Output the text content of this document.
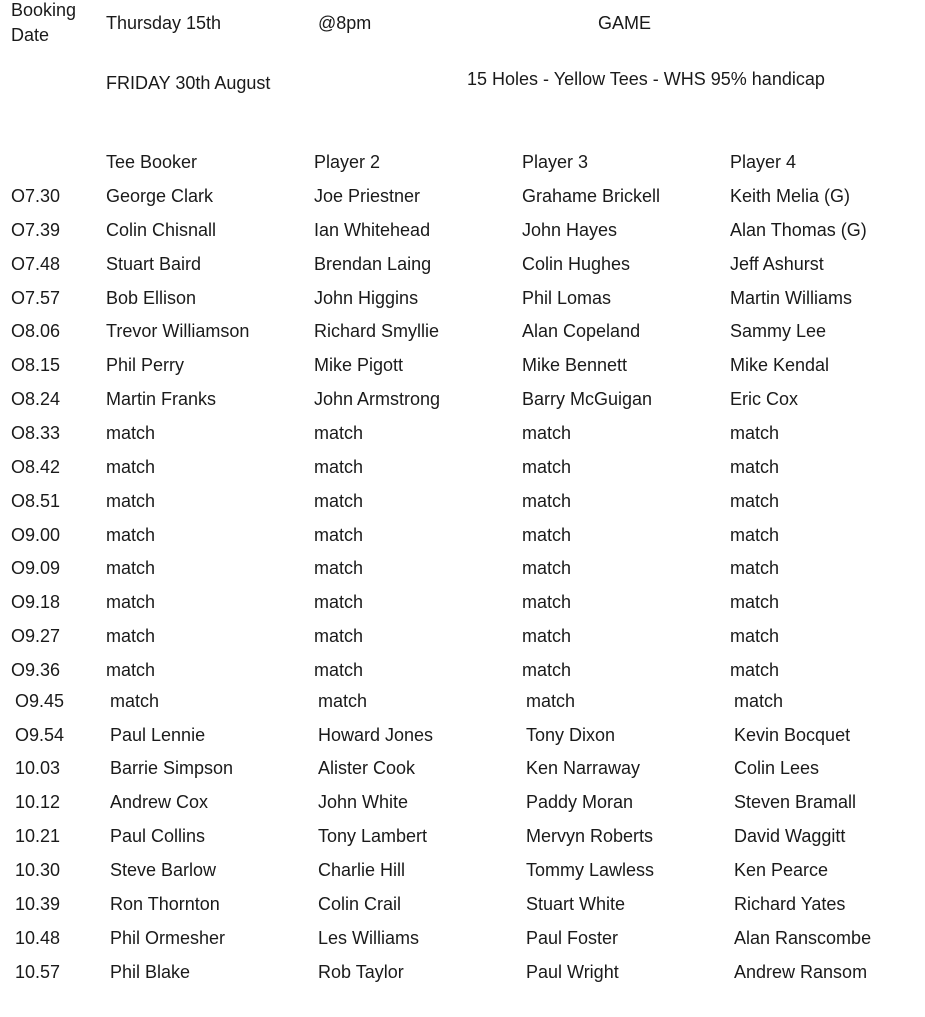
Booking Date
Thursday 15th	@8pm	GAME
FRIDAY 30th August	15 Holes - Yellow Tees - WHS 95% handicap
Tee Booker	Player 2	Player 3	Player 4
O7.30	George Clark	Joe Priestner	Grahame Brickell	Keith Melia (G)
O7.39	Colin Chisnall	Ian Whitehead	John Hayes	Alan Thomas (G)
O7.48	Stuart Baird	Brendan Laing	Colin Hughes	Jeff Ashurst
O7.57	Bob Ellison	John Higgins	Phil Lomas	Martin Williams
O8.06	Trevor Williamson	Richard Smyllie	Alan Copeland	Sammy Lee
O8.15	Phil Perry	Mike Pigott	Mike Bennett	Mike Kendal
O8.24	Martin Franks	John Armstrong	Barry McGuigan	Eric Cox
O8.33	match	match	match	match
O8.42	match	match	match	match
O8.51	match	match	match	match
O9.00	match	match	match	match
O9.09	match	match	match	match
O9.18	match	match	match	match
O9.27	match	match	match	match
O9.36	match	match	match	match
O9.45	match	match	match	match
O9.54	Paul Lennie	Howard Jones	Tony Dixon	Kevin Bocquet
10.03	Barrie Simpson	Alister Cook	Ken Narraway	Colin Lees
10.12	Andrew Cox	John White	Paddy Moran	Steven Bramall
10.21	Paul Collins	Tony Lambert	Mervyn Roberts	David Waggitt
10.30	Steve Barlow	Charlie Hill	Tommy Lawless	Ken Pearce
10.39	Ron Thornton	Colin Crail	Stuart White	Richard Yates
10.48	Phil Ormesher	Les Williams	Paul Foster	Alan Ranscombe
10.57	Phil Blake	Rob Taylor	Paul Wright	Andrew Ransom
